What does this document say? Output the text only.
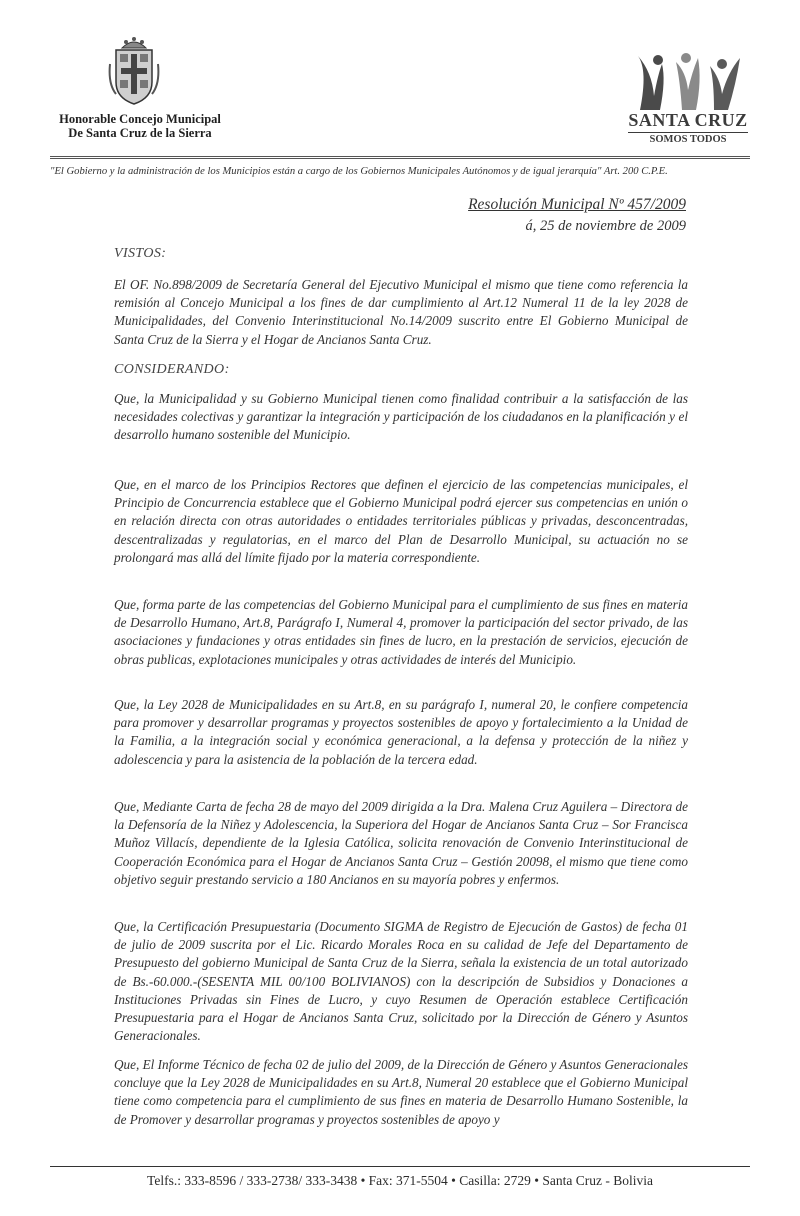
Honorable Concejo Municipal
De Santa Cruz de la Sierra
SANTA CRUZ
SOMOS TODOS
"El Gobierno y la administración de los Municipios están a cargo de los Gobiernos Municipales Autónomos y de igual jerarquía" Art. 200 C.P.E.
Resolución Municipal Nº 457/2009
á, 25 de noviembre de 2009
VISTOS:
El OF. No.898/2009 de Secretaría General del Ejecutivo Municipal el mismo que tiene como referencia la remisión al Concejo Municipal a los fines de dar cumplimiento al Art.12 Numeral 11 de la ley 2028 de Municipalidades, del Convenio Interinstitucional No.14/2009 suscrito entre El Gobierno Municipal de Santa Cruz de la Sierra y el Hogar de Ancianos Santa Cruz.
CONSIDERANDO:
Que, la Municipalidad y su Gobierno Municipal tienen como finalidad contribuir a la satisfacción de las necesidades colectivas y garantizar la integración y participación de los ciudadanos en la planificación y el desarrollo humano sostenible del Municipio.
Que, en el marco de los Principios Rectores que definen el ejercicio de las competencias municipales, el Principio de Concurrencia establece que el Gobierno Municipal podrá ejercer sus competencias en unión o en relación directa con otras autoridades o entidades territoriales públicas y privadas, desconcentradas, descentralizadas y regulatorias, en el marco del Plan de Desarrollo Municipal, su actuación no se prolongará mas allá del límite fijado por la materia correspondiente.
Que, forma parte de las competencias del Gobierno Municipal para el cumplimiento de sus fines en materia de Desarrollo Humano, Art.8, Parágrafo I, Numeral 4, promover la participación del sector privado, de las asociaciones y fundaciones y otras entidades sin fines de lucro, en la prestación de servicios, ejecución de obras publicas, explotaciones municipales y otras actividades de interés del Municipio.
Que, la Ley 2028 de Municipalidades en su Art.8, en su parágrafo I, numeral 20, le confiere competencia para promover y desarrollar programas y proyectos sostenibles de apoyo y fortalecimiento a la Unidad de la Familia, a la integración social y económica generacional, a la defensa y protección de la niñez y adolescencia y para la asistencia de la población de la tercera edad.
Que, Mediante Carta de fecha 28 de mayo del 2009 dirigida a la Dra. Malena Cruz Aguilera – Directora de la Defensoría de la Niñez y Adolescencia, la Superiora del Hogar de Ancianos Santa Cruz – Sor Francisca Muñoz Villacís, dependiente de la Iglesia Católica, solicita renovación de Convenio Interinstitucional de Cooperación Económica para el Hogar de Ancianos Santa Cruz – Gestión 20098, el mismo que tiene como objetivo seguir prestando servicio a 180 Ancianos en su mayoría pobres y enfermos.
Que, la Certificación Presupuestaria (Documento SIGMA de Registro de Ejecución de Gastos) de fecha 01 de julio de 2009 suscrita por el Lic. Ricardo Morales Roca en su calidad de Jefe del Departamento de Presupuesto del gobierno Municipal de Santa Cruz de la Sierra, señala la existencia de un total autorizado de Bs.-60.000.-(SESENTA MIL 00/100 BOLIVIANOS) con la descripción de Subsidios y Donaciones a Instituciones Privadas sin Fines de Lucro, y cuyo Resumen de Operación establece Certificación Presupuestaria para el Hogar de Ancianos Santa Cruz, solicitado por la Dirección de Género y Asuntos Generacionales.
Que, El Informe Técnico de fecha 02 de julio del 2009, de la Dirección de Género y Asuntos Generacionales concluye que la Ley 2028 de Municipalidades en su Art.8, Numeral 20 establece que el Gobierno Municipal tiene como competencia para el cumplimiento de sus fines en materia de Desarrollo Humano Sostenible, la de Promover y desarrollar programas y proyectos sostenibles de apoyo y
Telfs.: 333-8596 / 333-2738/ 333-3438 • Fax: 371-5504 • Casilla: 2729 • Santa Cruz - Bolivia
